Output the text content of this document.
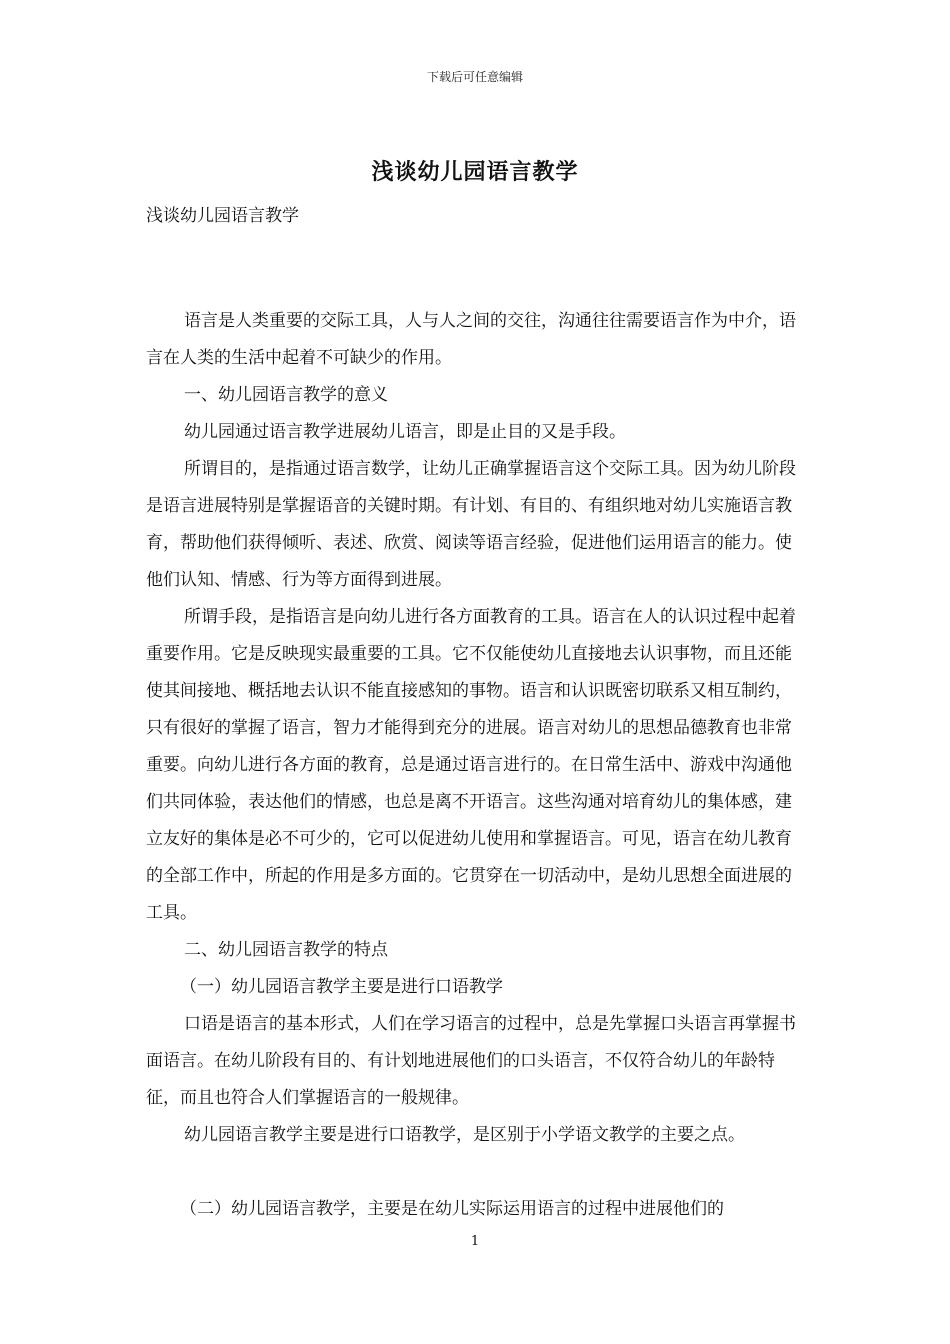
下载后可任意编辑
浅谈幼儿园语言教学
浅谈幼儿园语言教学

语言是人类重要的交际工具，人与人之间的交往，沟通往往需要语言作为中介，语言在人类的生活中起着不可缺少的作用。

一、幼儿园语言教学的意义

幼儿园通过语言教学进展幼儿语言，即是止目的又是手段。

所谓目的，是指通过语言数学，让幼儿正确掌握语言这个交际工具。因为幼儿阶段是语言进展特别是掌握语音的关键时期。有计划、有目的、有组织地对幼儿实施语言教育，帮助他们获得倾听、表述、欣赏、阅读等语言经验，促进他们运用语言的能力。使他们认知、情感、行为等方面得到进展。

所谓手段，是指语言是向幼儿进行各方面教育的工具。语言在人的认识过程中起着重要作用。它是反映现实最重要的工具。它不仅能使幼儿直接地去认识事物，而且还能使其间接地、概括地去认识不能直接感知的事物。语言和认识既密切联系又相互制约，只有很好的掌握了语言，智力才能得到充分的进展。语言对幼儿的思想品德教育也非常重要。向幼儿进行各方面的教育，总是通过语言进行的。在日常生活中、游戏中沟通他们共同体验，表达他们的情感，也总是离不开语言。这些沟通对培育幼儿的集体感，建立友好的集体是必不可少的，它可以促进幼儿使用和掌握语言。可见，语言在幼儿教育的全部工作中，所起的作用是多方面的。它贯穿在一切活动中，是幼儿思想全面进展的工具。

二、幼儿园语言教学的特点

（一）幼儿园语言教学主要是进行口语教学

口语是语言的基本形式，人们在学习语言的过程中，总是先掌握口头语言再掌握书面语言。在幼儿阶段有目的、有计划地进展他们的口头语言，不仅符合幼儿的年龄特征，而且也符合人们掌握语言的一般规律。

幼儿园语言教学主要是进行口语教学，是区别于小学语文教学的主要之点。

（二）幼儿园语言教学，主要是在幼儿实际运用语言的过程中进展他们的

1
